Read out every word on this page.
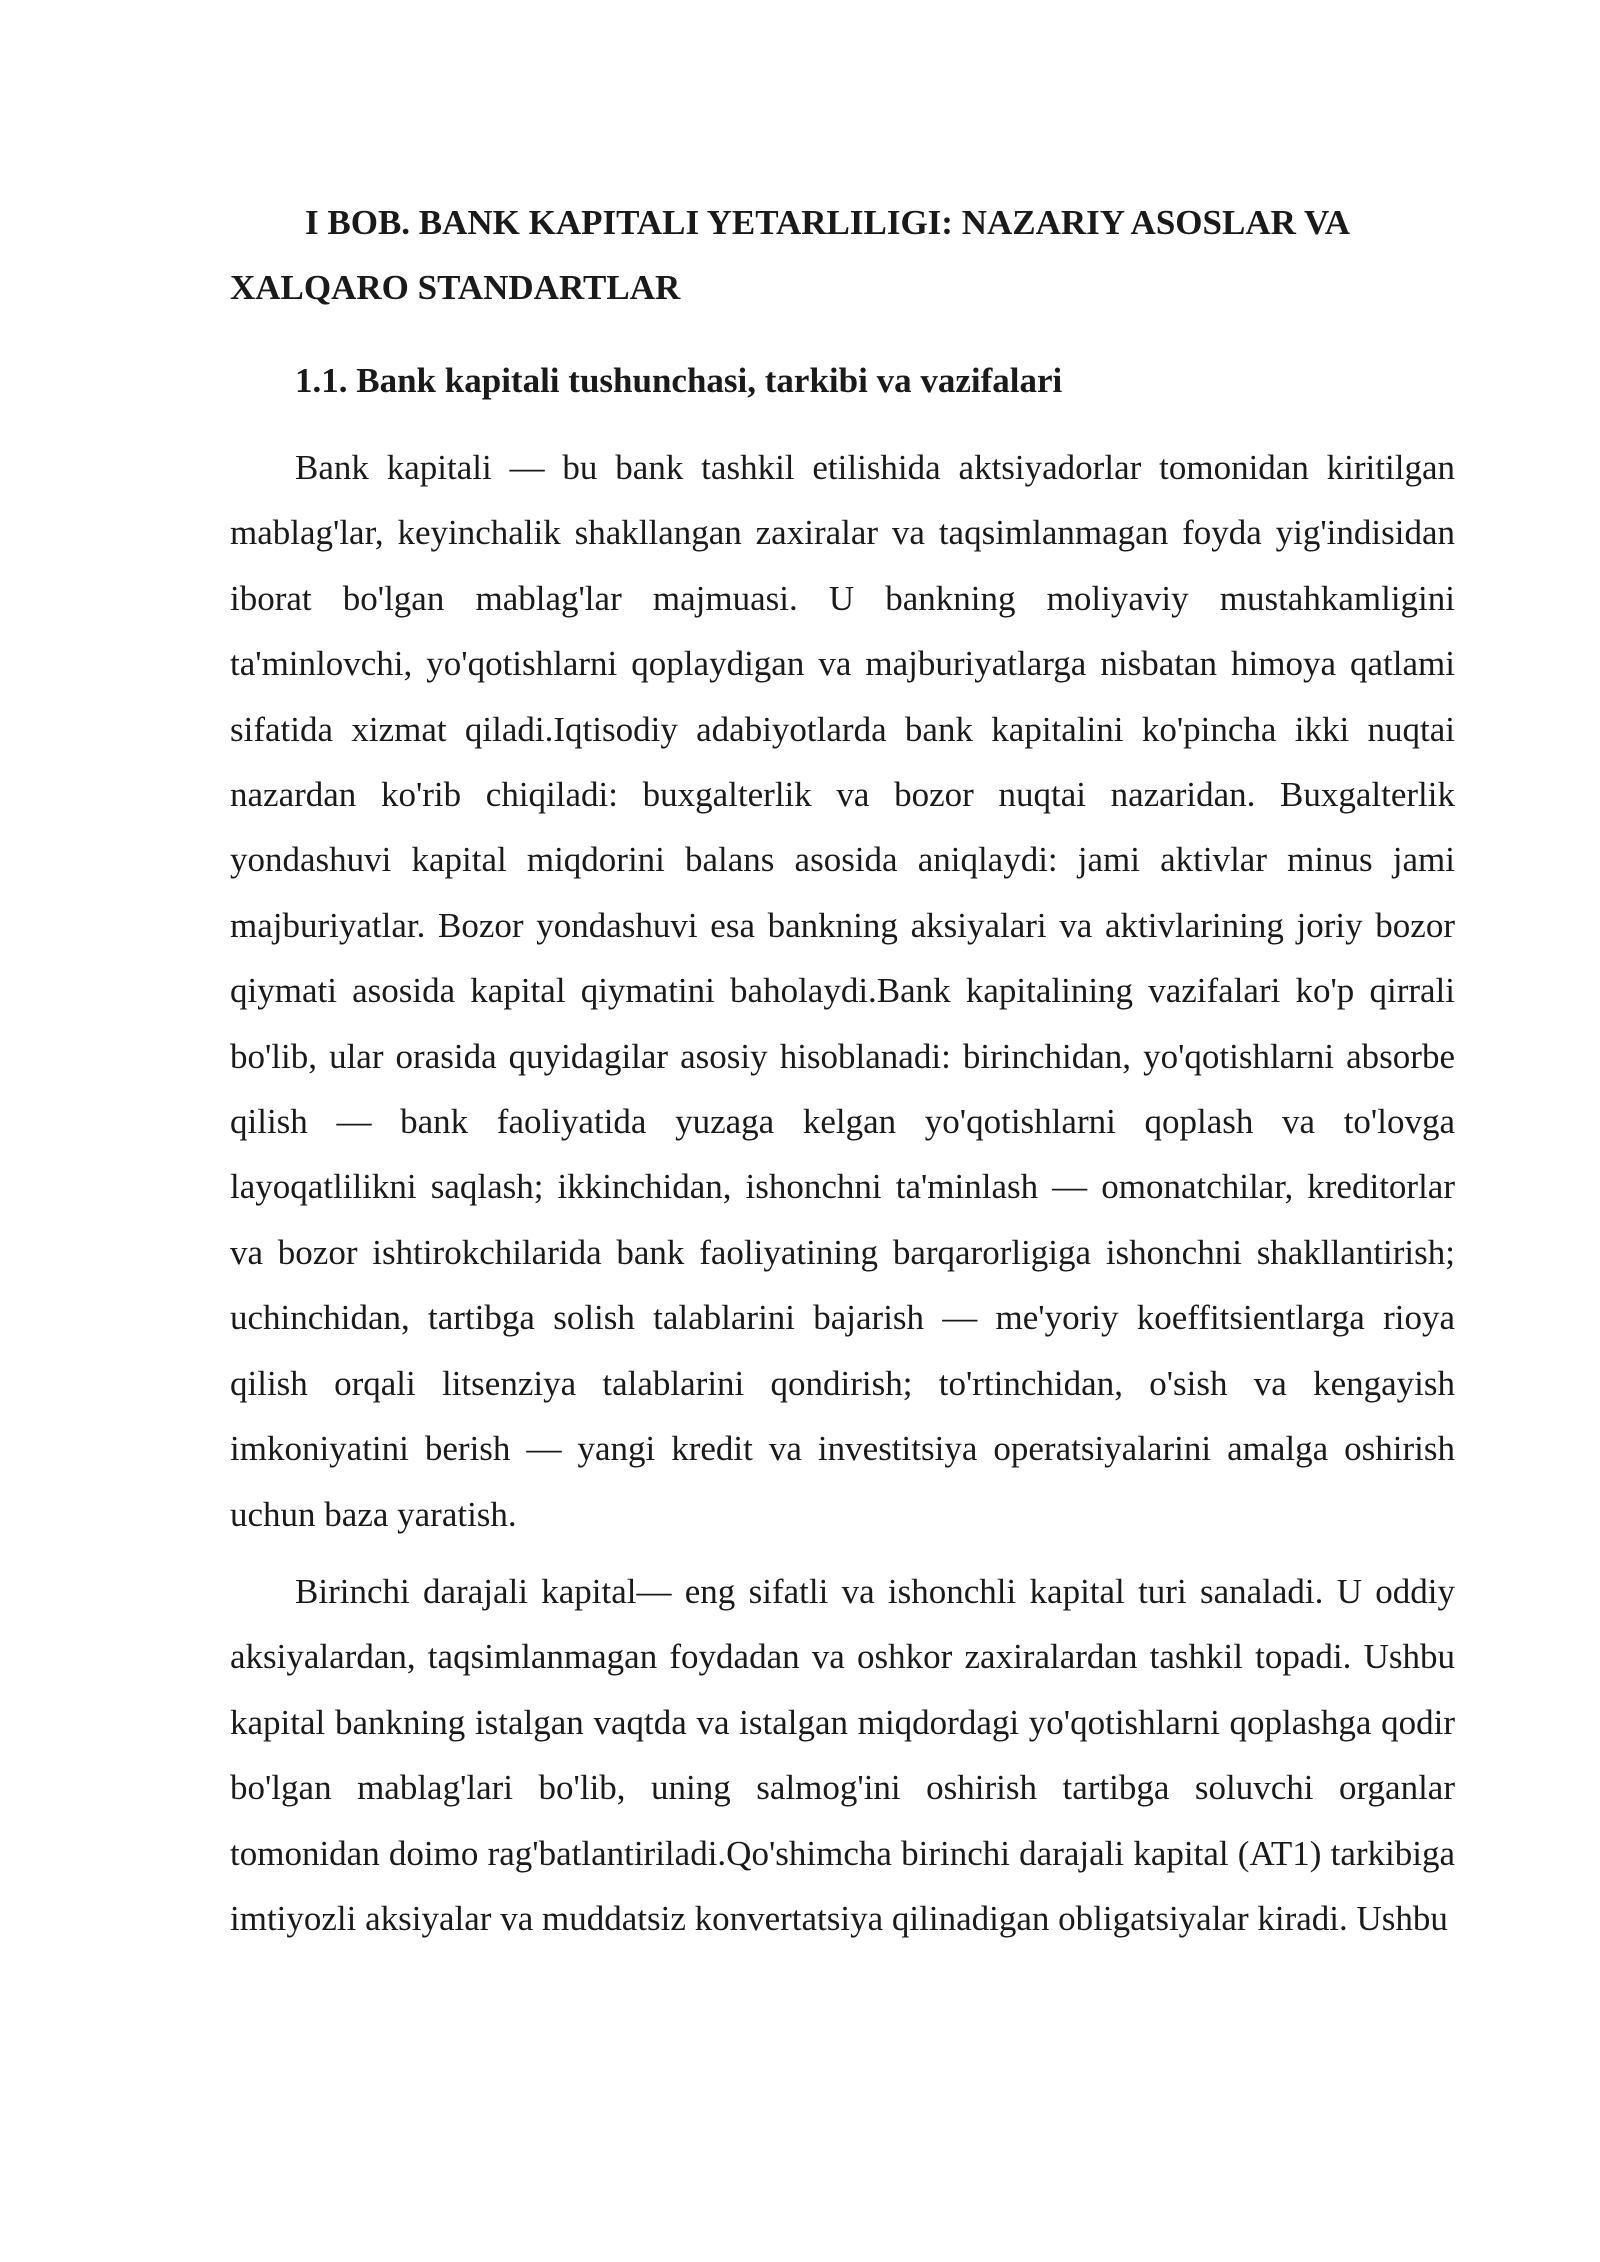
I BOB. BANK KAPITALI YETARLILIGI: NAZARIY ASOSLAR VA XALQARO STANDARTLAR
1.1. Bank kapitali tushunchasi, tarkibi va vazifalari

Bank kapitali — bu bank tashkil etilishida aktsiyadorlar tomonidan kiritilgan mablag'lar, keyinchalik shakllangan zaxiralar va taqsimlanmagan foyda yig'indisidan iborat bo'lgan mablag'lar majmuasi. U bankning moliyaviy mustahkamligini ta'minlovchi, yo'qotishlarni qoplaydigan va majburiyatlarga nisbatan himoya qatlami sifatida xizmat qiladi.Iqtisodiy adabiyotlarda bank kapitalini ko'pincha ikki nuqtai nazardan ko'rib chiqiladi: buxgalterlik va bozor nuqtai nazaridan. Buxgalterlik yondashuvi kapital miqdorini balans asosida aniqlaydi: jami aktivlar minus jami majburiyatlar. Bozor yondashuvi esa bankning aksiyalari va aktivlarining joriy bozor qiymati asosida kapital qiymatini baholaydi.Bank kapitalining vazifalari ko'p qirrali bo'lib, ular orasida quyidagilar asosiy hisoblanadi: birinchidan, yo'qotishlarni absorbe qilish — bank faoliyatida yuzaga kelgan yo'qotishlarni qoplash va to'lovga layoqatlilikni saqlash; ikkinchidan, ishonchni ta'minlash — omonatchilar, kreditorlar va bozor ishtirokchilarida bank faoliyatining barqarorligiga ishonchni shakllantirish; uchinchidan, tartibga solish talablarini bajarish — me'yoriy koeffitsientlarga rioya qilish orqali litsenziya talablarini qondirish; to'rtinchidan, o'sish va kengayish imkoniyatini berish — yangi kredit va investitsiya operatsiyalarini amalga oshirish uchun baza yaratish.

Birinchi darajali kapital— eng sifatli va ishonchli kapital turi sanaladi. U oddiy aksiyalardan, taqsimlanmagan foydadan va oshkor zaxiralardan tashkil topadi. Ushbu kapital bankning istalgan vaqtda va istalgan miqdordagi yo'qotishlarni qoplashga qodir bo'lgan mablag'lari bo'lib, uning salmog'ini oshirish tartibga soluvchi organlar tomonidan doimo rag'batlantiriladi.Qo'shimcha birinchi darajali kapital (AT1) tarkibiga imtiyozli aksiyalar va muddatsiz konvertatsiya qilinadigan obligatsiyalar kiradi. Ushbu
